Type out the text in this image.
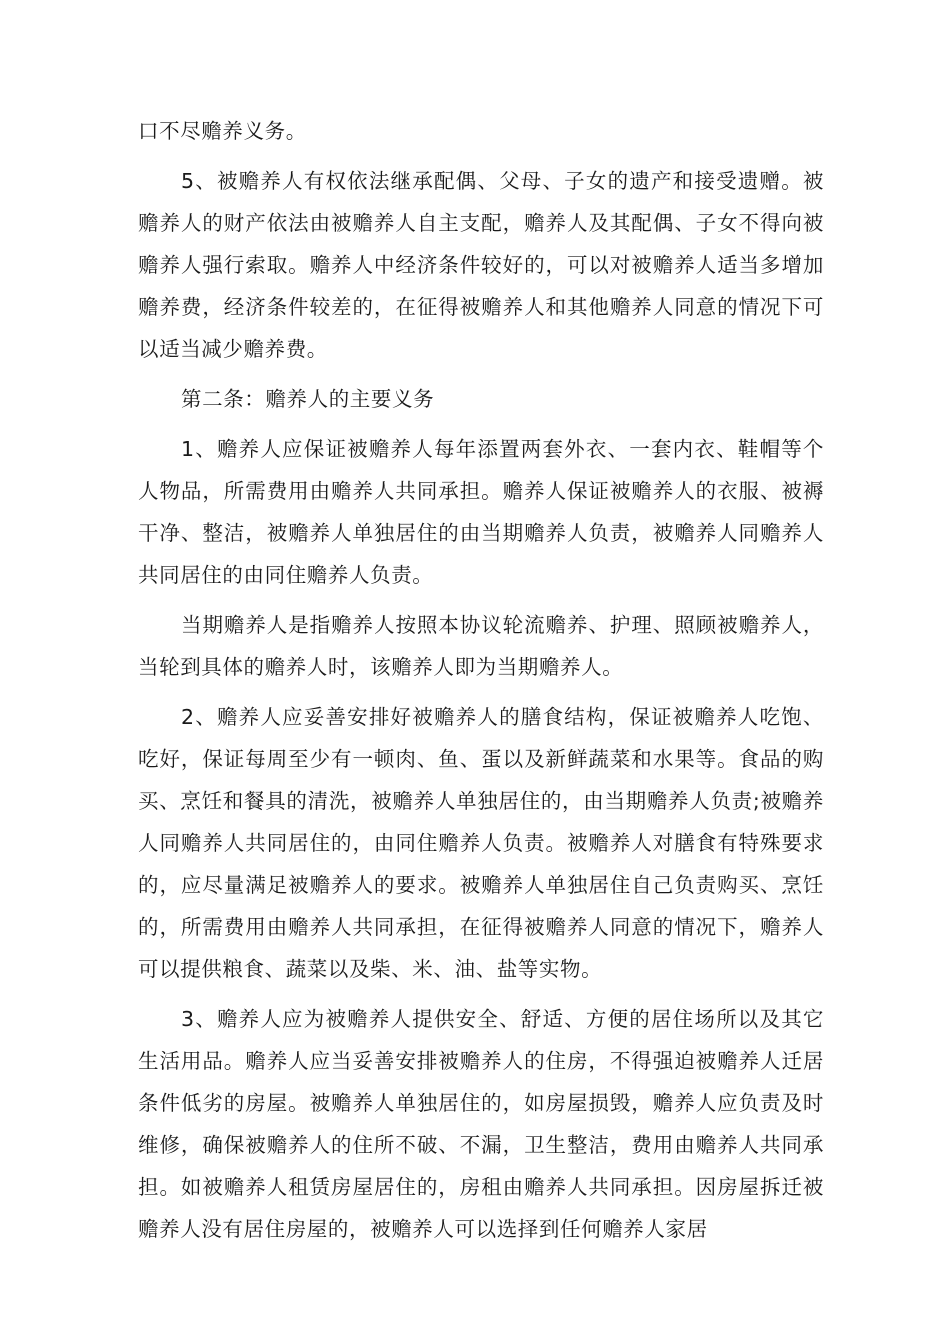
口不尽赡养义务。

5、被赡养人有权依法继承配偶、父母、子女的遗产和接受遗赠。被赡养人的财产依法由被赡养人自主支配，赡养人及其配偶、子女不得向被赡养人强行索取。赡养人中经济条件较好的，可以对被赡养人适当多增加赡养费，经济条件较差的，在征得被赡养人和其他赡养人同意的情况下可以适当减少赡养费。

第二条：赡养人的主要义务

1、赡养人应保证被赡养人每年添置两套外衣、一套内衣、鞋帽等个人物品，所需费用由赡养人共同承担。赡养人保证被赡养人的衣服、被褥干净、整洁，被赡养人单独居住的由当期赡养人负责，被赡养人同赡养人共同居住的由同住赡养人负责。

当期赡养人是指赡养人按照本协议轮流赡养、护理、照顾被赡养人，当轮到具体的赡养人时，该赡养人即为当期赡养人。

2、赡养人应妥善安排好被赡养人的膳食结构，保证被赡养人吃饱、吃好，保证每周至少有一顿肉、鱼、蛋以及新鲜蔬菜和水果等。食品的购买、烹饪和餐具的清洗，被赡养人单独居住的，由当期赡养人负责;被赡养人同赡养人共同居住的，由同住赡养人负责。被赡养人对膳食有特殊要求的，应尽量满足被赡养人的要求。被赡养人单独居住自己负责购买、烹饪的，所需费用由赡养人共同承担，在征得被赡养人同意的情况下，赡养人可以提供粮食、蔬菜以及柴、米、油、盐等实物。

3、赡养人应为被赡养人提供安全、舒适、方便的居住场所以及其它生活用品。赡养人应当妥善安排被赡养人的住房，不得强迫被赡养人迁居条件低劣的房屋。被赡养人单独居住的，如房屋损毁，赡养人应负责及时维修，确保被赡养人的住所不破、不漏，卫生整洁，费用由赡养人共同承担。如被赡养人租赁房屋居住的，房租由赡养人共同承担。因房屋拆迁被赡养人没有居住房屋的，被赡养人可以选择到任何赡养人家居
